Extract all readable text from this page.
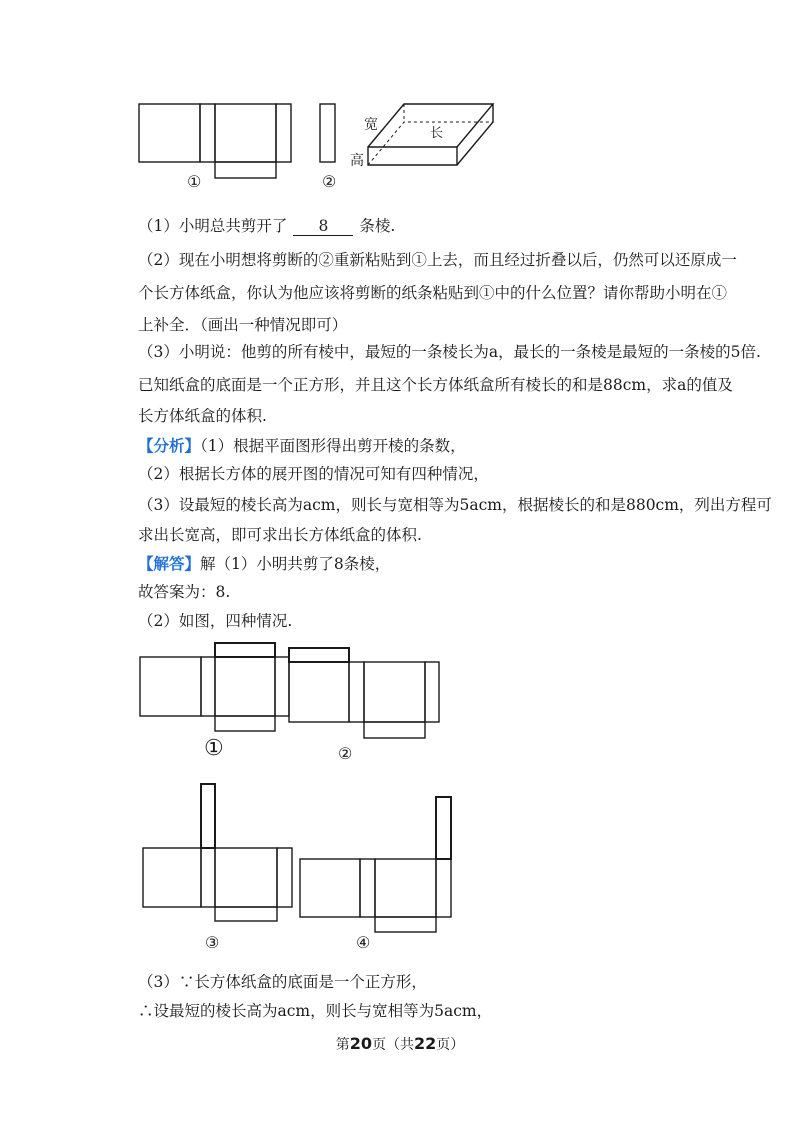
①	②
宽
高
长
（1）小明总共剪开了 8 条棱.
（2）现在小明想将剪断的②重新粘贴到①上去，而且经过折叠以后，仍然可以还原成一
个长方体纸盒，你认为他应该将剪断的纸条粘贴到①中的什么位置？请你帮助小明在①
上补全．（画出一种情况即可）
（3）小明说：他剪的所有棱中，最短的一条棱长为a，最长的一条棱是最短的一条棱的5倍.
已知纸盒的底面是一个正方形，并且这个长方体纸盒所有棱长的和是88cm，求a的值及
长方体纸盒的体积.
【分析】（1）根据平面图形得出剪开棱的条数，
（2）根据长方体的展开图的情况可知有四种情况，
（3）设最短的棱长高为acm，则长与宽相等为5acm，根据棱长的和是880cm，列出方程可
求出长宽高，即可求出长方体纸盒的体积.
【解答】解（1）小明共剪了8条棱，
故答案为：8.
（2）如图，四种情况.
①	②
③	④
（3）∵长方体纸盒的底面是一个正方形，
∴设最短的棱长高为acm，则长与宽相等为5acm，
第20页（共22页）
